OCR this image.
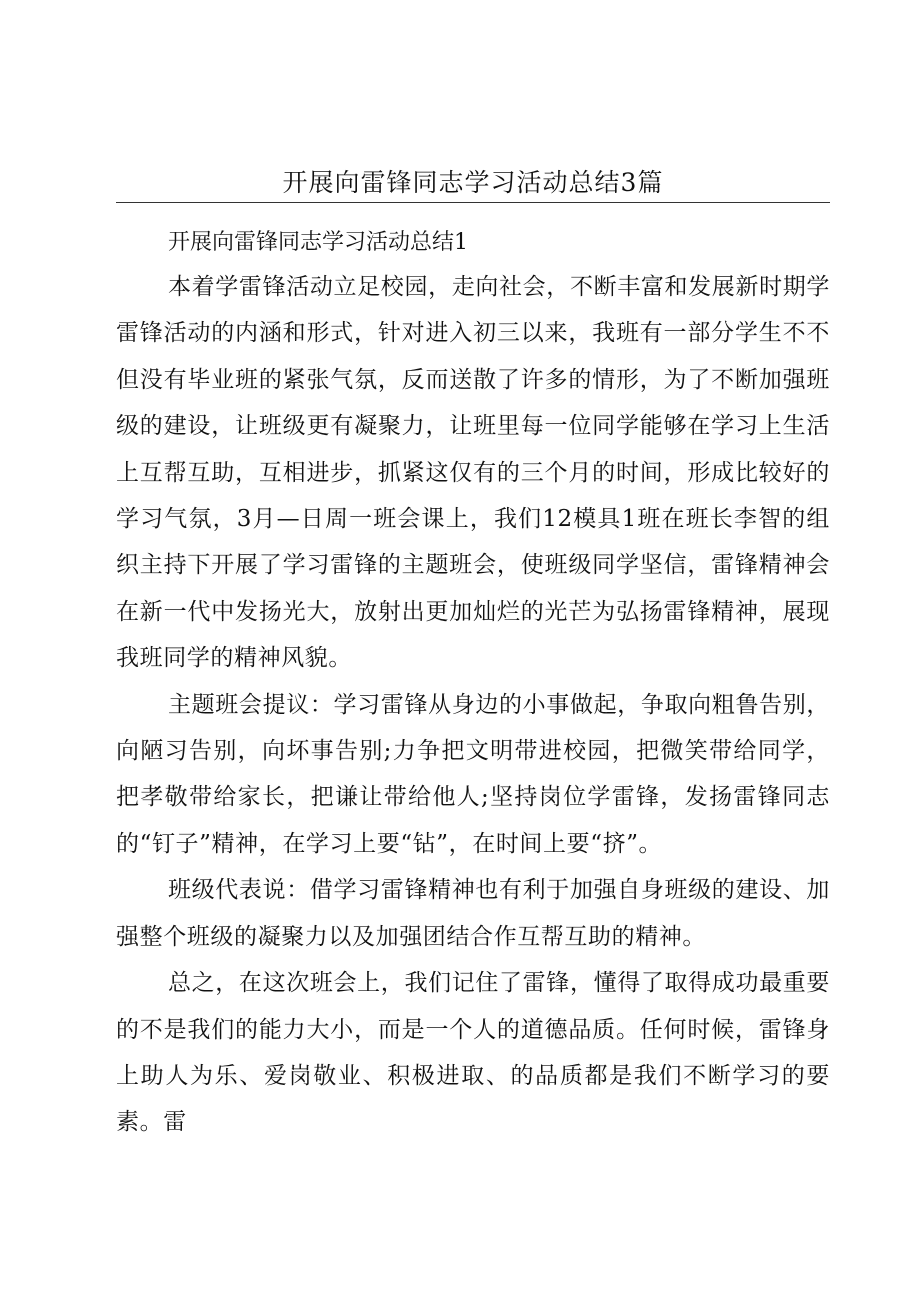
开展向雷锋同志学习活动总结3篇

开展向雷锋同志学习活动总结1

本着学雷锋活动立足校园，走向社会，不断丰富和发展新时期学雷锋活动的内涵和形式，针对进入初三以来，我班有一部分学生不不但没有毕业班的紧张气氛，反而送散了许多的情形，为了不断加强班级的建设，让班级更有凝聚力，让班里每一位同学能够在学习上生活上互帮互助，互相进步，抓紧这仅有的三个月的时间，形成比较好的学习气氛，3月—日周一班会课上，我们12模具1班在班长李智的组织主持下开展了学习雷锋的主题班会，使班级同学坚信，雷锋精神会在新一代中发扬光大，放射出更加灿烂的光芒为弘扬雷锋精神，展现我班同学的精神风貌。

主题班会提议：学习雷锋从身边的小事做起，争取向粗鲁告别，向陋习告别，向坏事告别;力争把文明带进校园，把微笑带给同学，把孝敬带给家长，把谦让带给他人;坚持岗位学雷锋，发扬雷锋同志的“钉子”精神，在学习上要“钻”，在时间上要“挤”。

班级代表说：借学习雷锋精神也有利于加强自身班级的建设、加强整个班级的凝聚力以及加强团结合作互帮互助的精神。

总之，在这次班会上，我们记住了雷锋，懂得了取得成功最重要的不是我们的能力大小，而是一个人的道德品质。任何时候，雷锋身上助人为乐、爱岗敬业、积极进取、的品质都是我们不断学习的要素。雷
